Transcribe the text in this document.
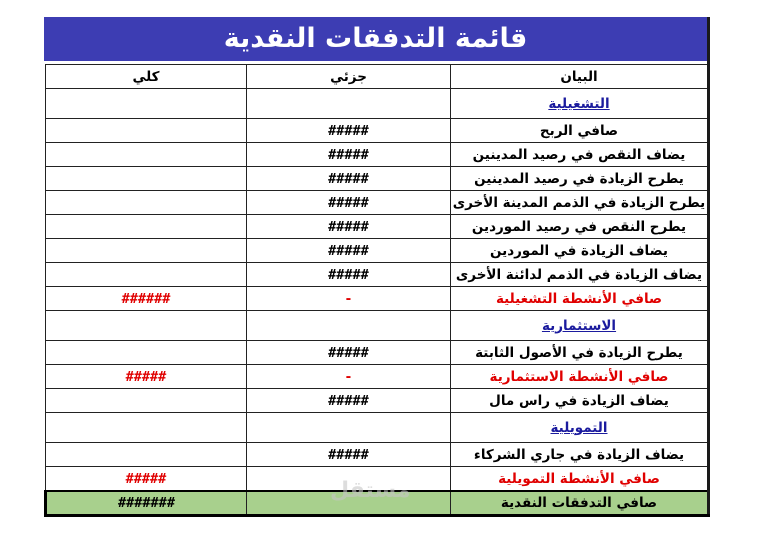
قائمة التدفقات النقدية
كلي	جزئي	البيان
		التشغيلية
	#####	صافي الربح
	#####	يضاف النقص في رصيد المدينين
	#####	يطرح الزيادة في رصيد المدينين
	#####	يطرح الزيادة في الذمم المدينة الأخرى
	#####	يطرح النقص في رصيد الموردين
	#####	يضاف الزيادة في الموردين
	#####	يضاف الزيادة في الذمم لدائنة الأخرى
######	-	صافي الأنشطة التشغيلية
		الاستثمارية
	#####	يطرح الزيادة في الأصول الثابتة
#####	-	صافي الأنشطة الاستثمارية
	#####	يضاف الزيادة في راس مال
		التمويلية
	#####	يضاف الزيادة في جاري الشركاء
#####		صافي الأنشطة التمويلية
#######		صافي التدفقات النقدية
مستقل
